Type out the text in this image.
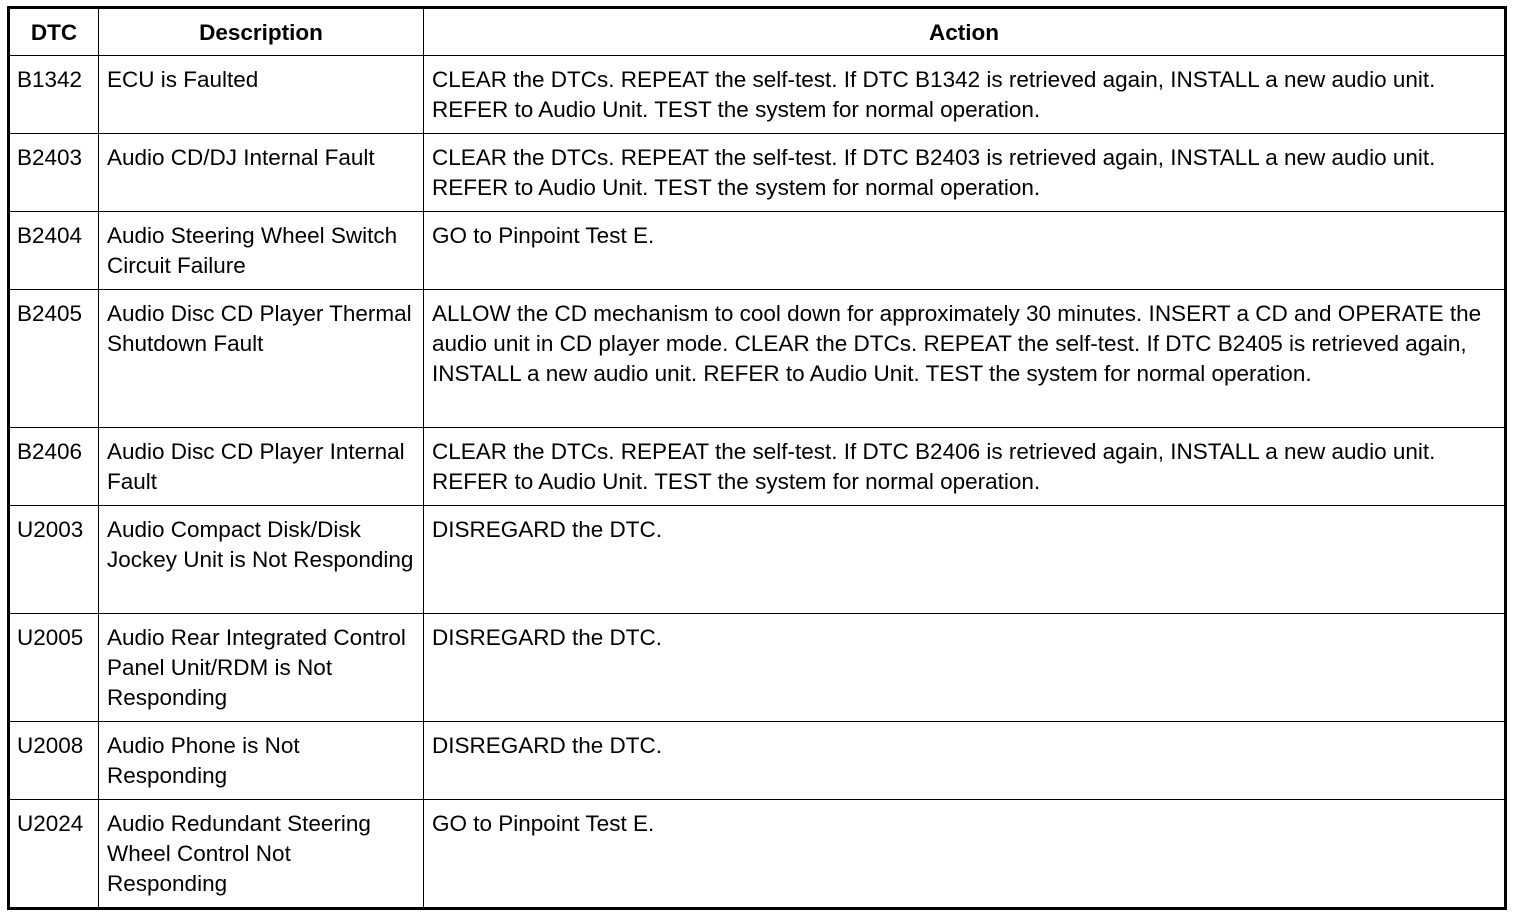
DTC	Description	Action
B1342	ECU is Faulted	CLEAR the DTCs. REPEAT the self-test. If DTC B1342 is retrieved again, INSTALL a new audio unit. REFER to Audio Unit. TEST the system for normal operation.
B2403	Audio CD/DJ Internal Fault	CLEAR the DTCs. REPEAT the self-test. If DTC B2403 is retrieved again, INSTALL a new audio unit. REFER to Audio Unit. TEST the system for normal operation.
B2404	Audio Steering Wheel Switch Circuit Failure	GO to Pinpoint Test E.
B2405	Audio Disc CD Player Thermal Shutdown Fault	ALLOW the CD mechanism to cool down for approximately 30 minutes. INSERT a CD and OPERATE the audio unit in CD player mode. CLEAR the DTCs. REPEAT the self-test. If DTC B2405 is retrieved again, INSTALL a new audio unit. REFER to Audio Unit. TEST the system for normal operation.
B2406	Audio Disc CD Player Internal Fault	CLEAR the DTCs. REPEAT the self-test. If DTC B2406 is retrieved again, INSTALL a new audio unit. REFER to Audio Unit. TEST the system for normal operation.
U2003	Audio Compact Disk/Disk Jockey Unit is Not Responding	DISREGARD the DTC.
U2005	Audio Rear Integrated Control Panel Unit/RDM is Not Responding	DISREGARD the DTC.
U2008	Audio Phone is Not Responding	DISREGARD the DTC.
U2024	Audio Redundant Steering Wheel Control Not Responding	GO to Pinpoint Test E.
